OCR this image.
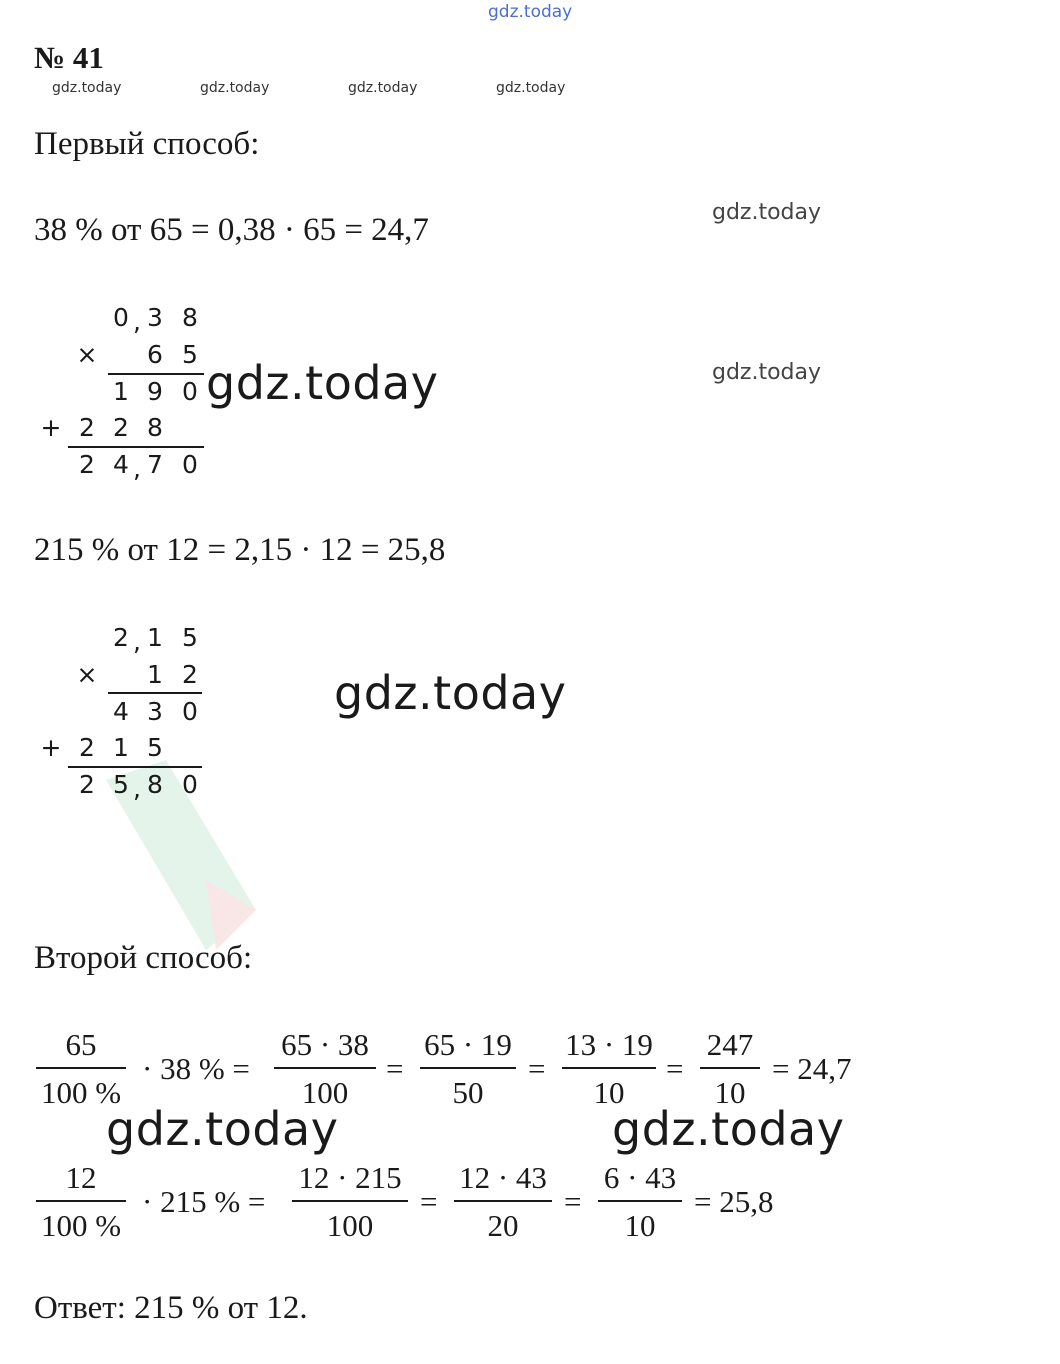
gdz.today
gdz.today	gdz.today	gdz.today	gdz.today
gdz.today
gdz.today
gdz.today
gdz.today
gdz.today	gdz.today
№ 41
Первый способ:
38 % от 65 = 0,38 · 65 = 24,7
0 , 3 8
× 6 5
1 9 0
+ 2 2 8
2 4 , 7 0
215 % от 12 = 2,15 · 12 = 25,8
2 , 1 5
× 1 2
4 3 0
+ 2 1 5
2 5 , 8 0
Второй способ:
65
100 %
· 38 % =
65 · 38
100
=
65 · 19
50
=
13 · 19
10
=
247
10
= 24,7
12
100 %
· 215 % =
12 · 215
100
=
12 · 43
20
=
6 · 43
10
= 25,8
Ответ: 215 % от 12.
